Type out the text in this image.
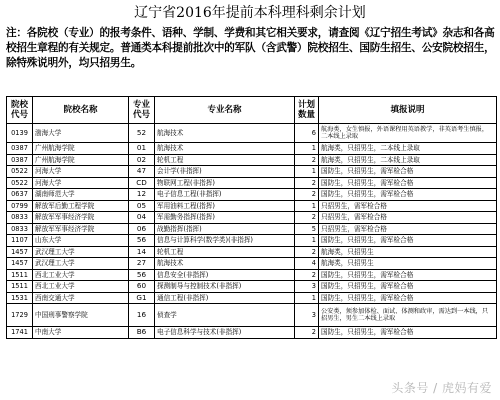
辽宁省2016年提前本科理科剩余计划
注：各院校（专业）的报考条件、语种、学制、学费和其它相关要求，请查阅《辽宁招生考试》杂志和各高校招生章程的有关规定。普通类本科提前批次中的军队（含武警）院校招生、国防生招生、公安院校招生，除特殊说明外，均只招男生。
院校代号	院校名称	专业代号	专业名称	计划数量	填报说明
0139	渤海大学	52	航海技术	6	航海类，女生慎报，外语课程用英语教学，非英语考生慎报，二本线上录取
0387	广州航海学院	01	航海技术	1	航海类，只招男生，二本线上录取
0387	广州航海学院	02	轮机工程	2	航海类，只招男生，二本线上录取
0522	河海大学	47	会计学(非指挥)	1	国防生，只招男生，需军检合格
0522	河海大学	CD	物联网工程(非指挥)	2	国防生，只招男生，需军检合格
0637	湖南师范大学	12	电子信息工程(非指挥)	2	国防生，只招男生，需军检合格
0799	解放军后勤工程学院	05	军用油料工程(指挥)	1	只招男生，需军检合格
0833	解放军军事经济学院	04	军需勤务指挥(指挥)	2	只招男生，需军检合格
0833	解放军军事经济学院	06	战勤指挥(指挥)	5	只招男生，需军检合格
1107	山东大学	56	信息与计算科学(数学类)(非指挥)	1	国防生，只招男生，需军检合格
1457	武汉理工大学	14	轮机工程	2	航海类，只招男生
1457	武汉理工大学	27	航海技术	4	航海类，只招男生
1511	西北工业大学	56	信息安全(非指挥)	2	国防生，只招男生，需军检合格
1511	西北工业大学	60	探测制导与控制技术(非指挥)	3	国防生，只招男生，需军检合格
1531	西南交通大学	G1	通信工程(非指挥)	1	国防生，只招男生，需军检合格
1729	中国刑事警察学院	16	侦查学	3	公安类，须参加体检、面试、体测和政审，需达到一本线，只招男生，男生二本线上录取
1741	中南大学	B6	电子信息科学与技术(非指挥)	2	国防生，只招男生，需军检合格
头条号 / 虎妈有爱
